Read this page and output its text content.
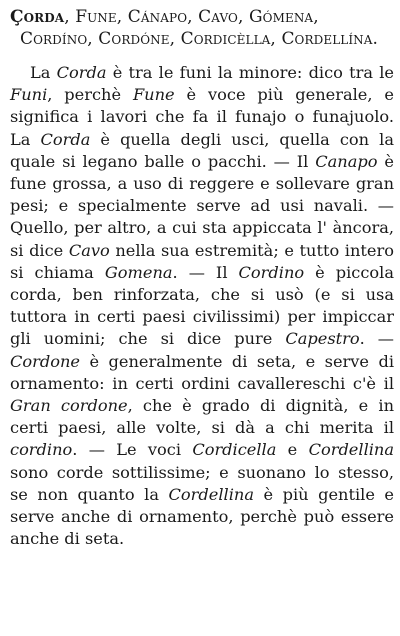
Çorda, Fune, Cánapo, Cavo, Gómena, Cordíno, Cordóne, Cordicèlla, Cordellína.

La Corda è tra le funi la minore: dico tra le Funi, perchè Fune è voce più generale, e significa i lavori che fa il funajo o funajuolo. La Corda è quella degli usci, quella con la quale si legano balle o pacchi. — Il Canapo è fune grossa, a uso di reggere e sollevare gran pesi; e specialmente serve ad usi navali. — Quello, per altro, a cui sta appiccata l' àncora, si dice Cavo nella sua estremità; e tutto intero si chiama Gomena. — Il Cordino è piccola corda, ben rinforzata, che si usò (e si usa tuttora in certi paesi civilissimi) per impiccar gli uomini; che si dice pure Capestro. — Cordone è generalmente di seta, e serve di ornamento: in certi ordini cavallereschi c'è il Gran cordone, che è grado di dignità, e in certi paesi, alle volte, si dà a chi merita il cordino. — Le voci Cordicella e Cordellina sono corde sottilissime; e suonano lo stesso, se non quanto la Cordellina è più gentile e serve anche di ornamento, perchè può essere anche di seta.
